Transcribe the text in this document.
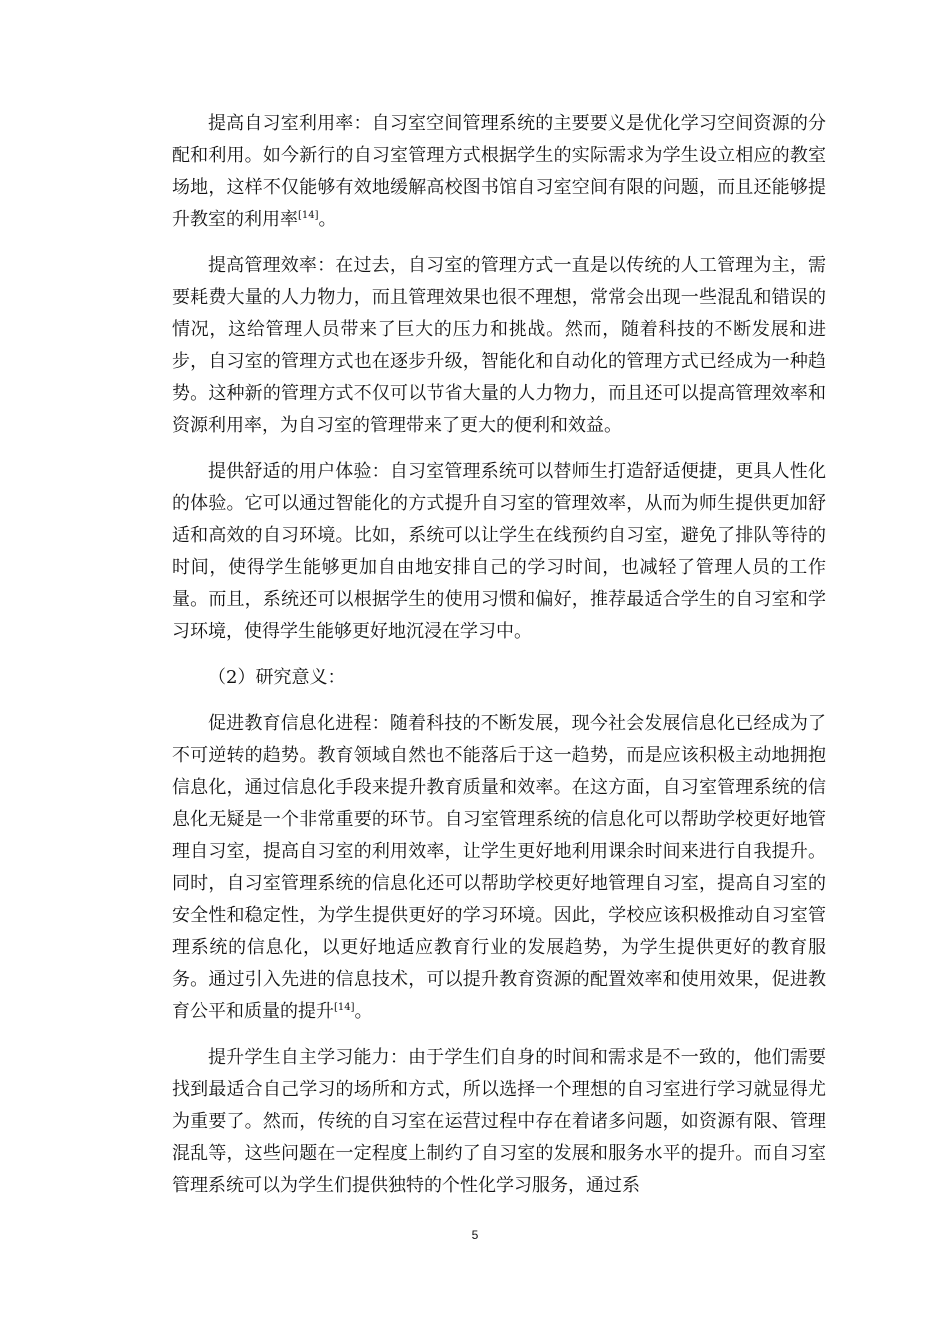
提高自习室利用率：自习室空间管理系统的主要要义是优化学习空间资源的分配和利用。如今新行的自习室管理方式根据学生的实际需求为学生设立相应的教室场地，这样不仅能够有效地缓解高校图书馆自习室空间有限的问题，而且还能够提升教室的利用率[14]。

提高管理效率：在过去，自习室的管理方式一直是以传统的人工管理为主，需要耗费大量的人力物力，而且管理效果也很不理想，常常会出现一些混乱和错误的情况，这给管理人员带来了巨大的压力和挑战。然而，随着科技的不断发展和进步，自习室的管理方式也在逐步升级，智能化和自动化的管理方式已经成为一种趋势。这种新的管理方式不仅可以节省大量的人力物力，而且还可以提高管理效率和资源利用率，为自习室的管理带来了更大的便利和效益。

提供舒适的用户体验：自习室管理系统可以替师生打造舒适便捷，更具人性化的体验。它可以通过智能化的方式提升自习室的管理效率，从而为师生提供更加舒适和高效的自习环境。比如，系统可以让学生在线预约自习室，避免了排队等待的时间，使得学生能够更加自由地安排自己的学习时间，也减轻了管理人员的工作量。而且，系统还可以根据学生的使用习惯和偏好，推荐最适合学生的自习室和学习环境，使得学生能够更好地沉浸在学习中。

（2）研究意义：

促进教育信息化进程：随着科技的不断发展，现今社会发展信息化已经成为了不可逆转的趋势。教育领域自然也不能落后于这一趋势，而是应该积极主动地拥抱信息化，通过信息化手段来提升教育质量和效率。在这方面，自习室管理系统的信息化无疑是一个非常重要的环节。自习室管理系统的信息化可以帮助学校更好地管理自习室，提高自习室的利用效率，让学生更好地利用课余时间来进行自我提升。同时，自习室管理系统的信息化还可以帮助学校更好地管理自习室，提高自习室的安全性和稳定性，为学生提供更好的学习环境。因此，学校应该积极推动自习室管理系统的信息化，以更好地适应教育行业的发展趋势，为学生提供更好的教育服务。通过引入先进的信息技术，可以提升教育资源的配置效率和使用效果，促进教育公平和质量的提升[14]。

提升学生自主学习能力：由于学生们自身的时间和需求是不一致的，他们需要找到最适合自己学习的场所和方式，所以选择一个理想的自习室进行学习就显得尤为重要了。然而，传统的自习室在运营过程中存在着诸多问题，如资源有限、管理混乱等，这些问题在一定程度上制约了自习室的发展和服务水平的提升。而自习室管理系统可以为学生们提供独特的个性化学习服务，通过系

5
